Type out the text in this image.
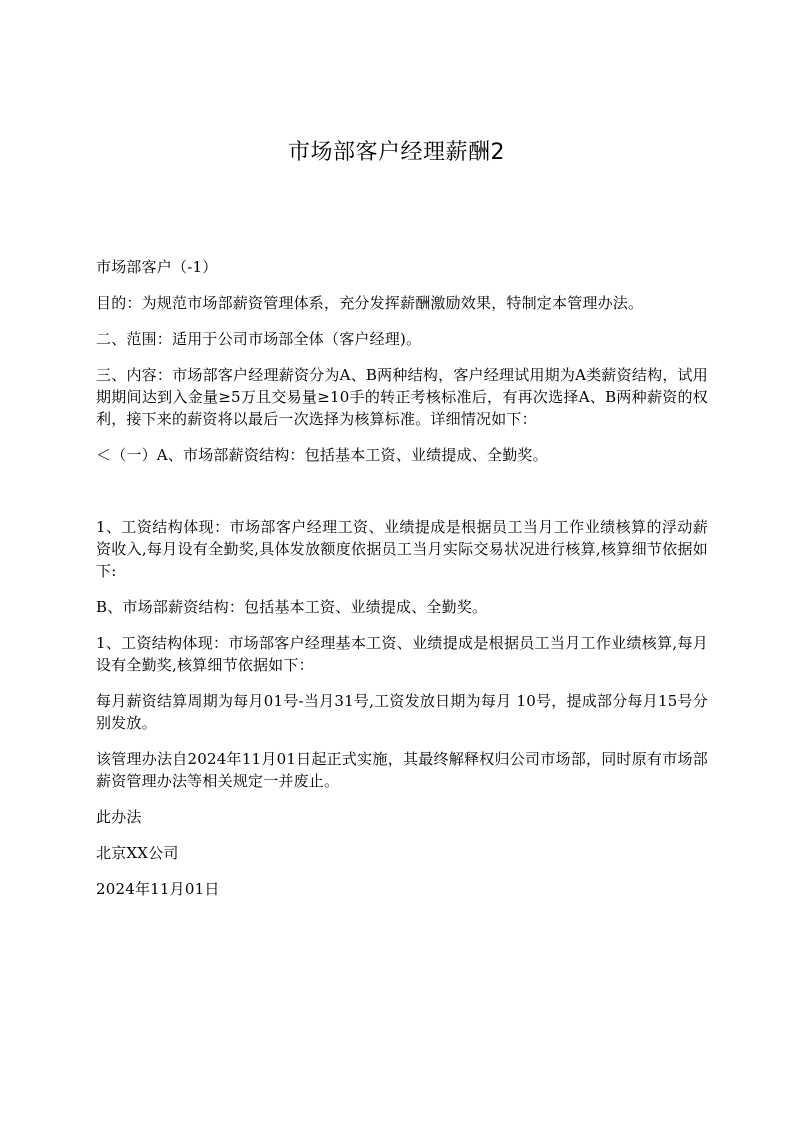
市场部客户经理薪酬2

市场部客户（-1）

目的：为规范市场部薪资管理体系，充分发挥薪酬激励效果，特制定本管理办法。

二、范围：适用于公司市场部全体（客户经理)。

三、内容：市场部客户经理薪资分为A、B两种结构，客户经理试用期为A类薪资结构，试用期期间达到入金量≥5万且交易量≥10手的转正考核标准后，有再次选择A、B两种薪资的权利，接下来的薪资将以最后一次选择为核算标准。详细情况如下：

＜（一）A、市场部薪资结构：包括基本工资、业绩提成、全勤奖。

1、工资结构体现：市场部客户经理工资、业绩提成是根据员工当月工作业绩核算的浮动薪资收入,每月设有全勤奖,具体发放额度依据员工当月实际交易状况进行核算,核算细节依据如下:

B、市场部薪资结构：包括基本工资、业绩提成、全勤奖。

1、工资结构体现：市场部客户经理基本工资、业绩提成是根据员工当月工作业绩核算,每月设有全勤奖,核算细节依据如下：

每月薪资结算周期为每月01号-当月31号,工资发放日期为每月 10号，提成部分每月15号分别发放。

该管理办法自2024年11月01日起正式实施，其最终解释权归公司市场部，同时原有市场部薪资管理办法等相关规定一并废止。

此办法

北京XX公司

2024年11月01日
